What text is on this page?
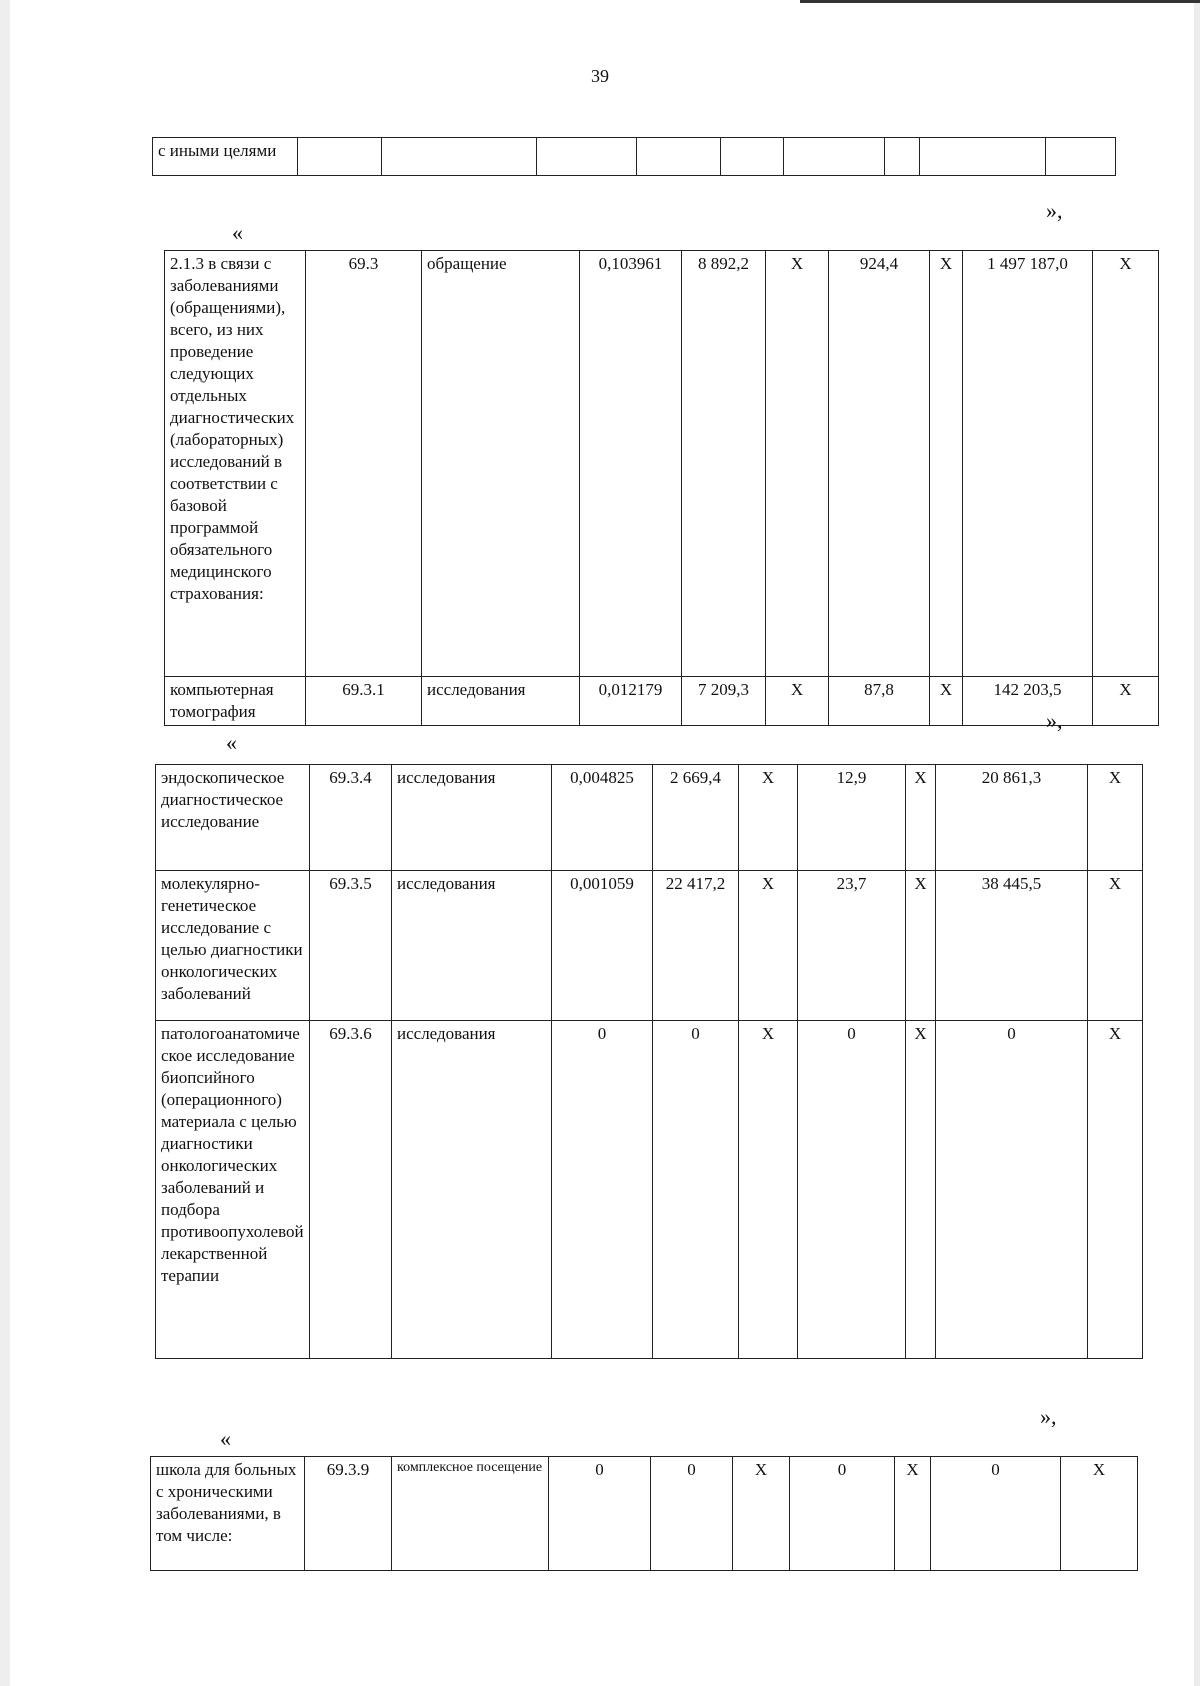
39
с иными целями									
»,
«
2.1.3 в связи с заболеваниями (обращениями), всего, из них проведение следующих отдельных диагностических (лабораторных) исследований в соответствии с базовой программой обязательного медицинского страхования:	69.3	обращение	0,103961	8 892,2	Х	924,4	Х	1 497 187,0	Х
компьютерная томография	69.3.1	исследования	0,012179	7 209,3	Х	87,8	Х	142 203,5	Х
»,
«
эндоскопическое диагностическое исследование	69.3.4	исследования	0,004825	2 669,4	Х	12,9	Х	20 861,3	Х
молекулярно-генетическое исследование с целью диагностики онкологических заболеваний	69.3.5	исследования	0,001059	22 417,2	Х	23,7	Х	38 445,5	Х
патологоанатомическое исследование биопсийного (операционного) материала с целью диагностики онкологических заболеваний и подбора противоопухолевой лекарственной терапии	69.3.6	исследования	0	0	Х	0	Х	0	Х
»,
«
школа для больных с хроническими заболеваниями, в том числе:	69.3.9	комплексное посещение	0	0	Х	0	Х	0	Х
